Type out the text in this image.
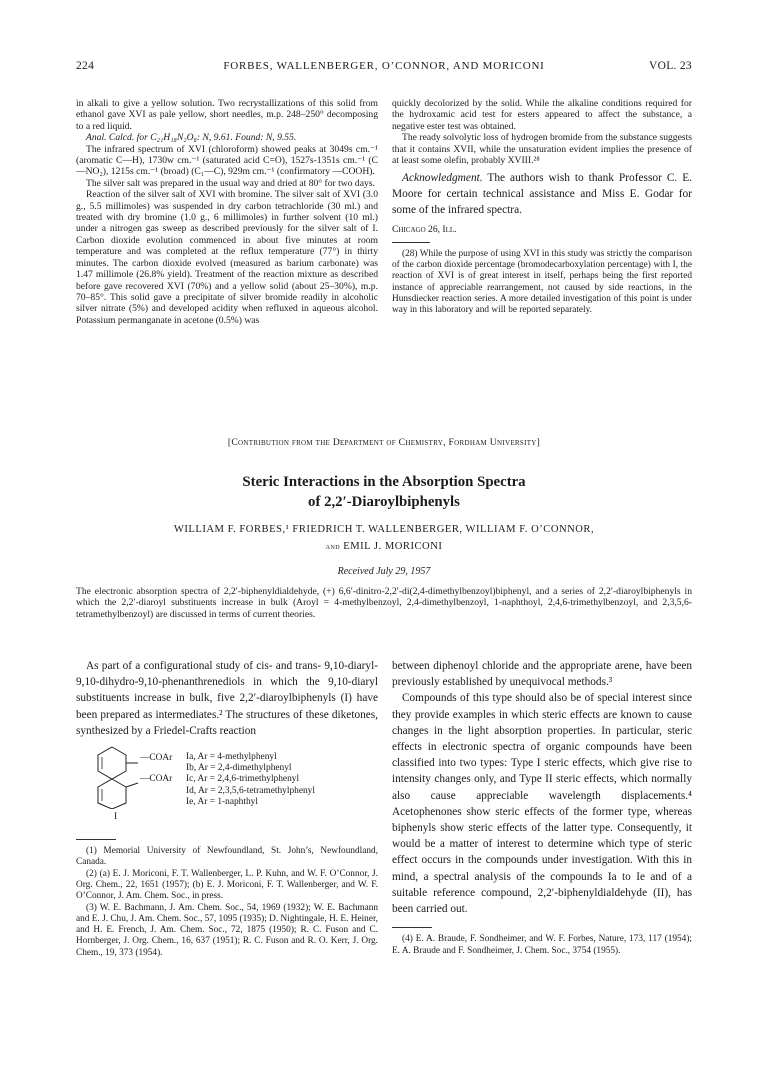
224	FORBES, WALLENBERGER, O’CONNOR, AND MORICONI	VOL. 23

in alkali to give a yellow solution. Two recrystallizations of this solid from ethanol gave XVI as pale yellow, short needles, m.p. 248–250° decomposing to a red liquid.

Anal. Calcd. for C₂₁H₁₈N₂O₈: N, 9.61. Found: N, 9.55.

The infrared spectrum of XVI (chloroform) showed peaks at 3049s cm.⁻¹ (aromatic C—H), 1730w cm.⁻¹ (saturated acid C=O), 1527s-1351s cm.⁻¹ (C—NO₂), 1215s cm.⁻¹ (broad) (C₁—C), 929m cm.⁻¹ (confirmatory —COOH).

The silver salt was prepared in the usual way and dried at 80° for two days.

Reaction of the silver salt of XVI with bromine. The silver salt of XVI (3.0 g., 5.5 millimoles) was suspended in dry carbon tetrachloride (30 ml.) and treated with dry bromine (1.0 g., 6 millimoles) in further solvent (10 ml.) under a nitrogen gas sweep as described previously for the silver salt of I. Carbon dioxide evolution commenced in about five minutes at room temperature and was completed at the reflux temperature (77°) in thirty minutes. The carbon dioxide evolved (measured as barium carbonate) was 1.47 millimole (26.8% yield). Treatment of the reaction mixture as described before gave recovered XVI (70%) and a yellow solid (about 25–30%), m.p. 70–85°. This solid gave a precipitate of silver bromide readily in alcoholic silver nitrate (5%) and developed acidity when refluxed in aqueous alcohol. Potassium permanganate in acetone (0.5%) was

quickly decolorized by the solid. While the alkaline conditions required for the hydroxamic acid test for esters appeared to affect the substance, a negative ester test was obtained.

The ready solvolytic loss of hydrogen bromide from the substance suggests that it contains XVII, while the unsaturation evident implies the presence of at least some olefin, probably XVIII.²⁸

Acknowledgment. The authors wish to thank Professor C. E. Moore for certain technical assistance and Miss E. Godar for some of the infrared spectra.

Chicago 26, Ill.

(28) While the purpose of using XVI in this study was strictly the comparison of the carbon dioxide percentage (bromodecarboxylation percentage) with I, the reaction of XVI is of great interest in itself, perhaps being the first reported instance of appreciable rearrangement, not caused by side reactions, in the Hunsdiecker reaction series. A more detailed investigation of this point is under way in this laboratory and will be reported separately.

[Contribution from the Department of Chemistry, Fordham University]
Steric Interactions in the Absorption Spectra
of 2,2′-Diaroylbiphenyls
WILLIAM F. FORBES,¹ FRIEDRICH T. WALLENBERGER, WILLIAM F. O’CONNOR,
and EMIL J. MORICONI
Received July 29, 1957
The electronic absorption spectra of 2,2′-biphenyldialdehyde, (+) 6,6′-dinitro-2,2′-di(2,4-dimethylbenzoyl)biphenyl, and a series of 2,2′-diaroylbiphenyls in which the 2,2′-diaroyl substituents increase in bulk (Aroyl = 4-methylbenzoyl, 2,4-dimethylbenzoyl, 1-naphthoyl, 2,4,6-trimethylbenzoyl, and 2,3,5,6-tetramethylbenzoyl) are discussed in terms of current theories.

As part of a configurational study of cis- and trans- 9,10-diaryl-9,10-dihydro-9,10-phenanthrenediols in which the 9,10-diaryl substituents increase in bulk, five 2,2′-diaroylbiphenyls (I) have been prepared as intermediates.² The structures of these diketones, synthesized by a Friedel-Crafts reaction

—COAr
—COAr
I
Ia, Ar = 4-methylphenyl
Ib, Ar = 2,4-dimethylphenyl
Ic, Ar = 2,4,6-trimethylphenyl
Id, Ar = 2,3,5,6-tetramethylphenyl
Ie, Ar = 1-naphthyl

(1) Memorial University of Newfoundland, St. John’s, Newfoundland, Canada.

(2) (a) E. J. Moriconi, F. T. Wallenberger, L. P. Kuhn, and W. F. O’Connor, J. Org. Chem., 22, 1651 (1957); (b) E. J. Moriconi, F. T. Wallenberger, and W. F. O’Connor, J. Am. Chem. Soc., in press.

(3) W. E. Bachmann, J. Am. Chem. Soc., 54, 1969 (1932); W. E. Bachmann and E. J. Chu, J. Am. Chem. Soc., 57, 1095 (1935); D. Nightingale, H. E. Heiner, and H. E. French, J. Am. Chem. Soc., 72, 1875 (1950); R. C. Fuson and C. Hornberger, J. Org. Chem., 16, 637 (1951); R. C. Fuson and R. O. Kerr, J. Org. Chem., 19, 373 (1954).

between diphenoyl chloride and the appropriate arene, have been previously established by unequivocal methods.³

Compounds of this type should also be of special interest since they provide examples in which steric effects are known to cause changes in the light absorption properties. In particular, steric effects in electronic spectra of organic compounds have been classified into two types: Type I steric effects, which give rise to intensity changes only, and Type II steric effects, which normally also cause appreciable wavelength displacements.⁴ Acetophenones show steric effects of the former type, whereas biphenyls show steric effects of the latter type. Consequently, it would be a matter of interest to determine which type of steric effect occurs in the compounds under investigation. With this in mind, a spectral analysis of the compounds Ia to Ie and of a suitable reference compound, 2,2′-biphenyldialdehyde (II), has been carried out.

(4) E. A. Braude, F. Sondheimer, and W. F. Forbes, Nature, 173, 117 (1954); E. A. Braude and F. Sondheimer, J. Chem. Soc., 3754 (1955).
